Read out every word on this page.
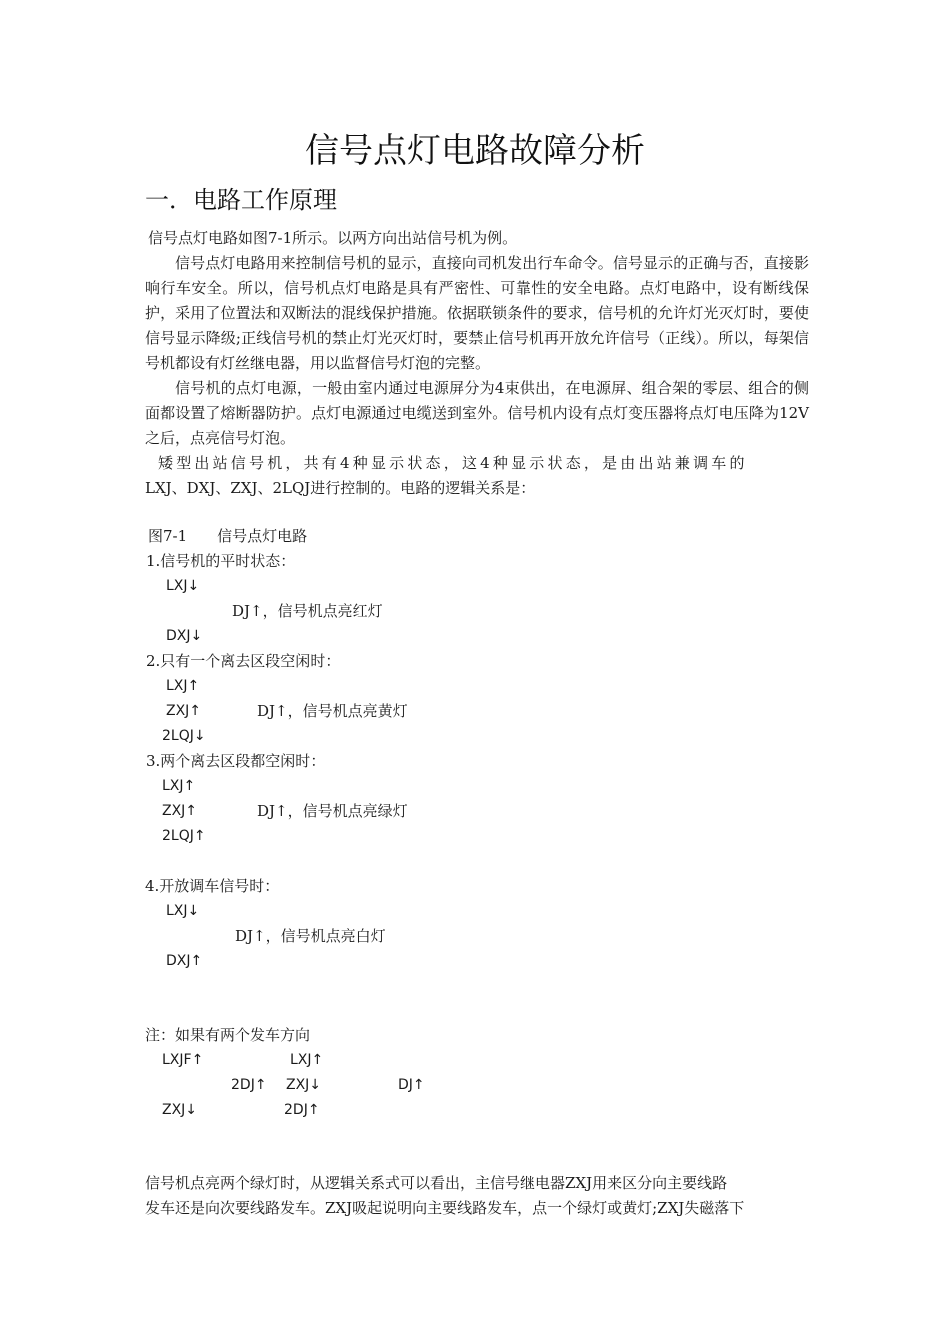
信号点灯电路故障分析
一．电路工作原理
信号点灯电路如图7-1所示。以两方向出站信号机为例。
信号点灯电路用来控制信号机的显示，直接向司机发出行车命令。信号显示的正确与否，直接影响行车安全。所以，信号机点灯电路是具有严密性、可靠性的安全电路。点灯电路中，设有断线保护，采用了位置法和双断法的混线保护措施。依据联锁条件的要求，信号机的允许灯光灭灯时，要使信号显示降级;正线信号机的禁止灯光灭灯时，要禁止信号机再开放允许信号（正线）。所以，每架信号机都设有灯丝继电器，用以监督信号灯泡的完整。
信号机的点灯电源，一般由室内通过电源屏分为4束供出，在电源屏、组合架的零层、组合的侧面都设置了熔断器防护。点灯电源通过电缆送到室外。信号机内设有点灯变压器将点灯电压降为12V之后，点亮信号灯泡。
矮型出站信号机，共有4种显示状态，这4种显示状态，是由出站兼调车的
LXJ、DXJ、ZXJ、2LQJ进行控制的。电路的逻辑关系是：
图7-1　　信号点灯电路
1.信号机的平时状态：
LXJ↓
DJ↑，信号机点亮红灯
DXJ↓
2.只有一个离去区段空闲时：
LXJ↑
ZXJ↑	DJ↑，信号机点亮黄灯
2LQJ↓
3.两个离去区段都空闲时：
LXJ↑
ZXJ↑	DJ↑，信号机点亮绿灯
2LQJ↑
4.开放调车信号时：
LXJ↓
DJ↑，信号机点亮白灯
DXJ↑
注：如果有两个发车方向
LXJF↑	LXJ↑
2DJ↑ ZXJ↓	DJ↑
ZXJ↓	2DJ↑
信号机点亮两个绿灯时，从逻辑关系式可以看出，主信号继电器ZXJ用来区分向主要线路
发车还是向次要线路发车。ZXJ吸起说明向主要线路发车，点一个绿灯或黄灯;ZXJ失磁落下
